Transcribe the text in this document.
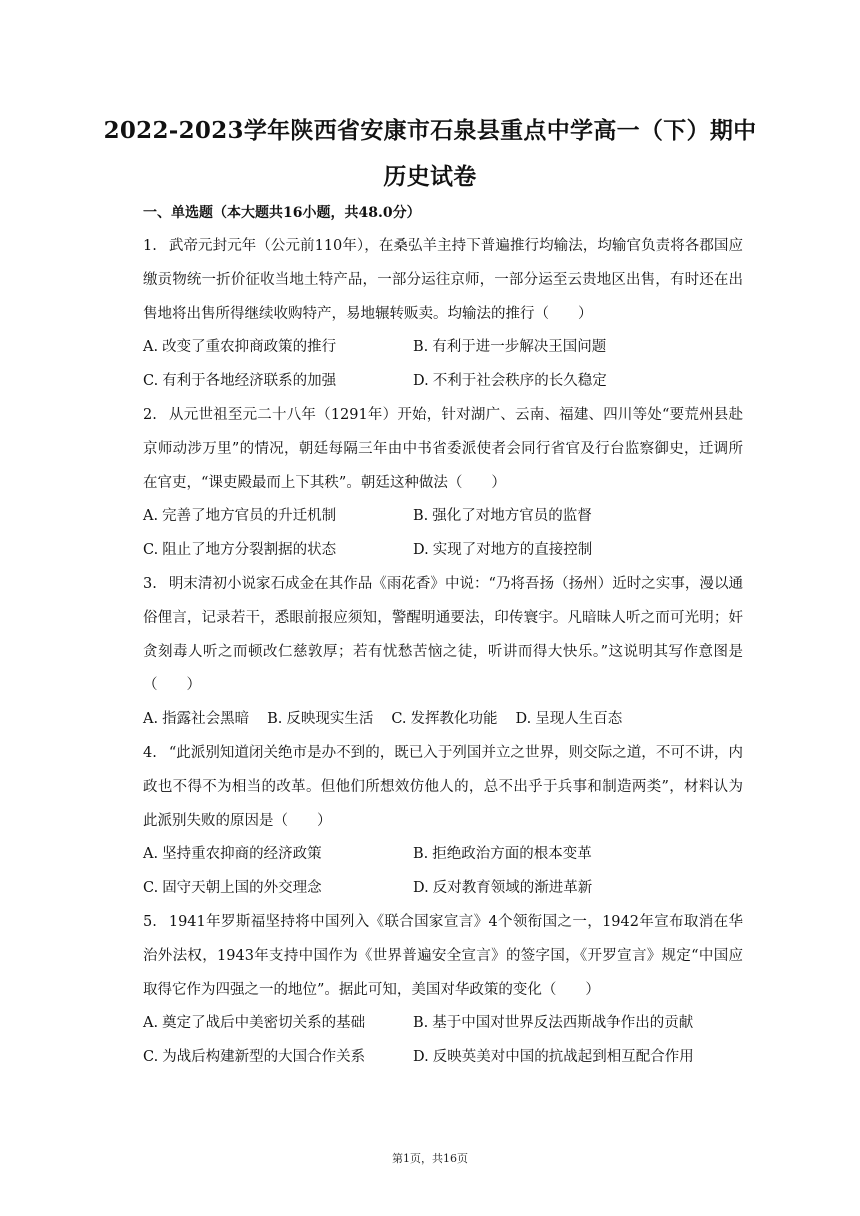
2022-2023学年陕西省安康市石泉县重点中学高一（下）期中历史试卷
一、单选题（本大题共16小题，共48.0分）

1. 武帝元封元年（公元前110年），在桑弘羊主持下普遍推行均输法，均输官负责将各郡国应缴贡物统一折价征收当地土特产品，一部分运往京师，一部分运至云贵地区出售，有时还在出售地将出售所得继续收购特产，易地辗转贩卖。均输法的推行（　　）

A. 改变了重农抑商政策的推行	B. 有利于进一步解决王国问题
C. 有利于各地经济联系的加强	D. 不利于社会秩序的长久稳定

2. 从元世祖至元二十八年（1291年）开始，针对湖广、云南、福建、四川等处“要荒州县赴京师动涉万里”的情况，朝廷每隔三年由中书省委派使者会同行省官及行台监察御史，迁调所在官吏，“课吏殿最而上下其秩”。朝廷这种做法（　　）

A. 完善了地方官员的升迁机制	B. 强化了对地方官员的监督
C. 阻止了地方分裂割据的状态	D. 实现了对地方的直接控制

3. 明末清初小说家石成金在其作品《雨花香》中说：“乃将吾扬（扬州）近时之实事，漫以通俗俚言，记录若干，悉眼前报应须知，警醒明通要法，印传寰宇。凡暗昧人听之而可光明；奸贪刻毒人听之而顿改仁慈敦厚；若有忧愁苦恼之徒，听讲而得大快乐。”这说明其写作意图是（　　）

A. 指露社会黑暗 B. 反映现实生活 C. 发挥教化功能 D. 呈现人生百态

4. “此派别知道闭关绝市是办不到的，既已入于列国并立之世界，则交际之道，不可不讲，内政也不得不为相当的改革。但他们所想效仿他人的，总不出乎于兵事和制造两类”，材料认为此派别失败的原因是（　　）

A. 坚持重农抑商的经济政策	B. 拒绝政治方面的根本变革
C. 固守天朝上国的外交理念	D. 反对教育领域的渐进革新

5. 1941年罗斯福坚持将中国列入《联合国家宣言》4个领衔国之一，1942年宣布取消在华治外法权，1943年支持中国作为《世界普遍安全宣言》的签字国，《开罗宣言》规定“中国应取得它作为四强之一的地位”。据此可知，美国对华政策的变化（　　）

A. 奠定了战后中美密切关系的基础	B. 基于中国对世界反法西斯战争作出的贡献
C. 为战后构建新型的大国合作关系	D. 反映英美对中国的抗战起到相互配合作用
第1页，共16页
